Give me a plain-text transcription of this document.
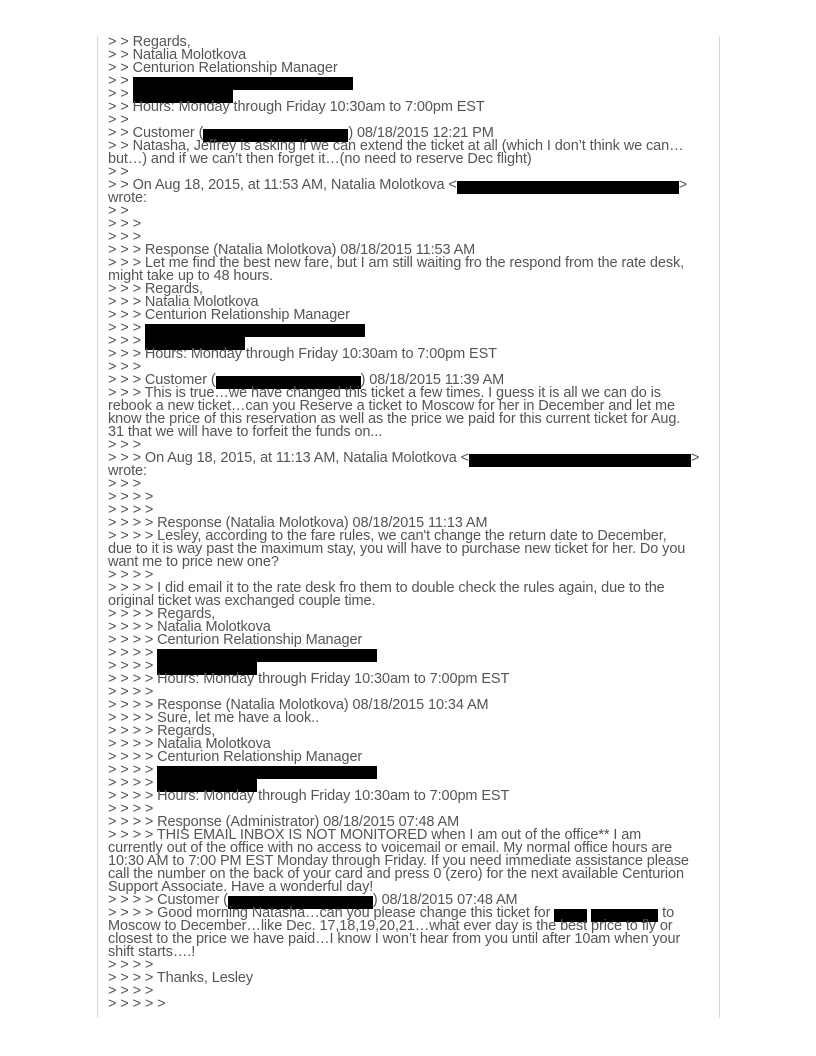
> > Regards,
> > Natalia Molotkova
> > Centurion Relationship Manager
> >
> >
> > Hours: Monday through Friday 10:30am to 7:00pm EST
> >
> > Customer (	) 08/18/2015 12:21 PM
> > Natasha, Jeffrey is asking if we can extend the ticket at all (which I don’t think we can…
but…) and if we can’t then forget it…(no need to reserve Dec flight)
> >
> > On Aug 18, 2015, at 11:53 AM, Natalia Molotkova <	>
wrote:
> >
> > >
> > >
> > > Response (Natalia Molotkova) 08/18/2015 11:53 AM
> > > Let me find the best new fare, but I am still waiting fro the respond from the rate desk,
might take up to 48 hours.
> > > Regards,
> > > Natalia Molotkova
> > > Centurion Relationship Manager
> > >
> > >
> > > Hours: Monday through Friday 10:30am to 7:00pm EST
> > >
> > > Customer (	) 08/18/2015 11:39 AM
> > > This is true…we have changed this ticket a few times. I guess it is all we can do is
rebook a new ticket…can you Reserve a ticket to Moscow for her in December and let me
know the price of this reservation as well as the price we paid for this current ticket for Aug.
31 that we will have to forfeit the funds on...
> > >
> > > On Aug 18, 2015, at 11:13 AM, Natalia Molotkova <	>
wrote:
> > >
> > > >
> > > >
> > > > Response (Natalia Molotkova) 08/18/2015 11:13 AM
> > > > Lesley, according to the fare rules, we can't change the return date to December,
due to it is way past the maximum stay, you will have to purchase new ticket for her. Do you
want me to price new one?
> > > >
> > > > I did email it to the rate desk fro them to double check the rules again, due to the
original ticket was exchanged couple time.
> > > > Regards,
> > > > Natalia Molotkova
> > > > Centurion Relationship Manager
> > > >
> > > >
> > > > Hours: Monday through Friday 10:30am to 7:00pm EST
> > > >
> > > > Response (Natalia Molotkova) 08/18/2015 10:34 AM
> > > > Sure, let me have a look..
> > > > Regards,
> > > > Natalia Molotkova
> > > > Centurion Relationship Manager
> > > >
> > > >
> > > > Hours: Monday through Friday 10:30am to 7:00pm EST
> > > >
> > > > Response (Administrator) 08/18/2015 07:48 AM
> > > > THIS EMAIL INBOX IS NOT MONITORED when I am out of the office** I am
currently out of the office with no access to voicemail or email. My normal office hours are
10:30 AM to 7:00 PM EST Monday through Friday. If you need immediate assistance please
call the number on the back of your card and press 0 (zero) for the next available Centurion
Support Associate. Have a wonderful day!
> > > > Customer (	) 08/18/2015 07:48 AM
> > > > Good morning Natasha…can you please change this ticket for	to
Moscow to December…like Dec. 17,18,19,20,21…what ever day is the best price to fly or
closest to the price we have paid…I know I won’t hear from you until after 10am when your
shift starts….!
> > > >
> > > > Thanks, Lesley
> > > >
> > > > >
